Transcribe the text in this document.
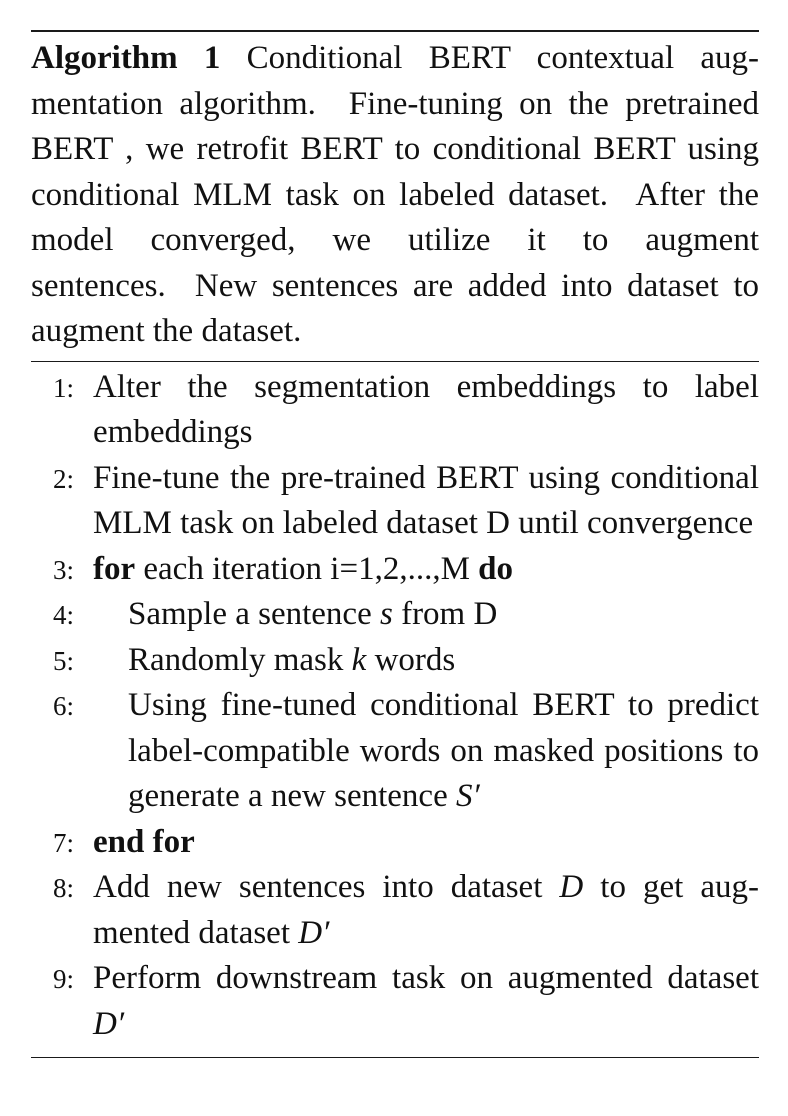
Algorithm 1 Conditional BERT contextual augmentation algorithm.  Fine-tuning on the pretrained BERT , we retrofit BERT to conditional BERT using conditional MLM task on labeled dataset.  After the model converged, we utilize it to augment sentences.  New sentences are added into dataset to augment the dataset.
1: Alter the segmentation embeddings to label embeddings
2: Fine-tune the pre-trained BERT using conditional MLM task on labeled dataset D until convergence
3: for each iteration i=1,2,...,M do
4: Sample a sentence s from D
5: Randomly mask k words
6: Using fine-tuned conditional BERT to predict label-compatible words on masked positions to generate a new sentence S′
7: end for
8: Add new sentences into dataset D to get augmented dataset D′
9: Perform downstream task on augmented dataset D′
